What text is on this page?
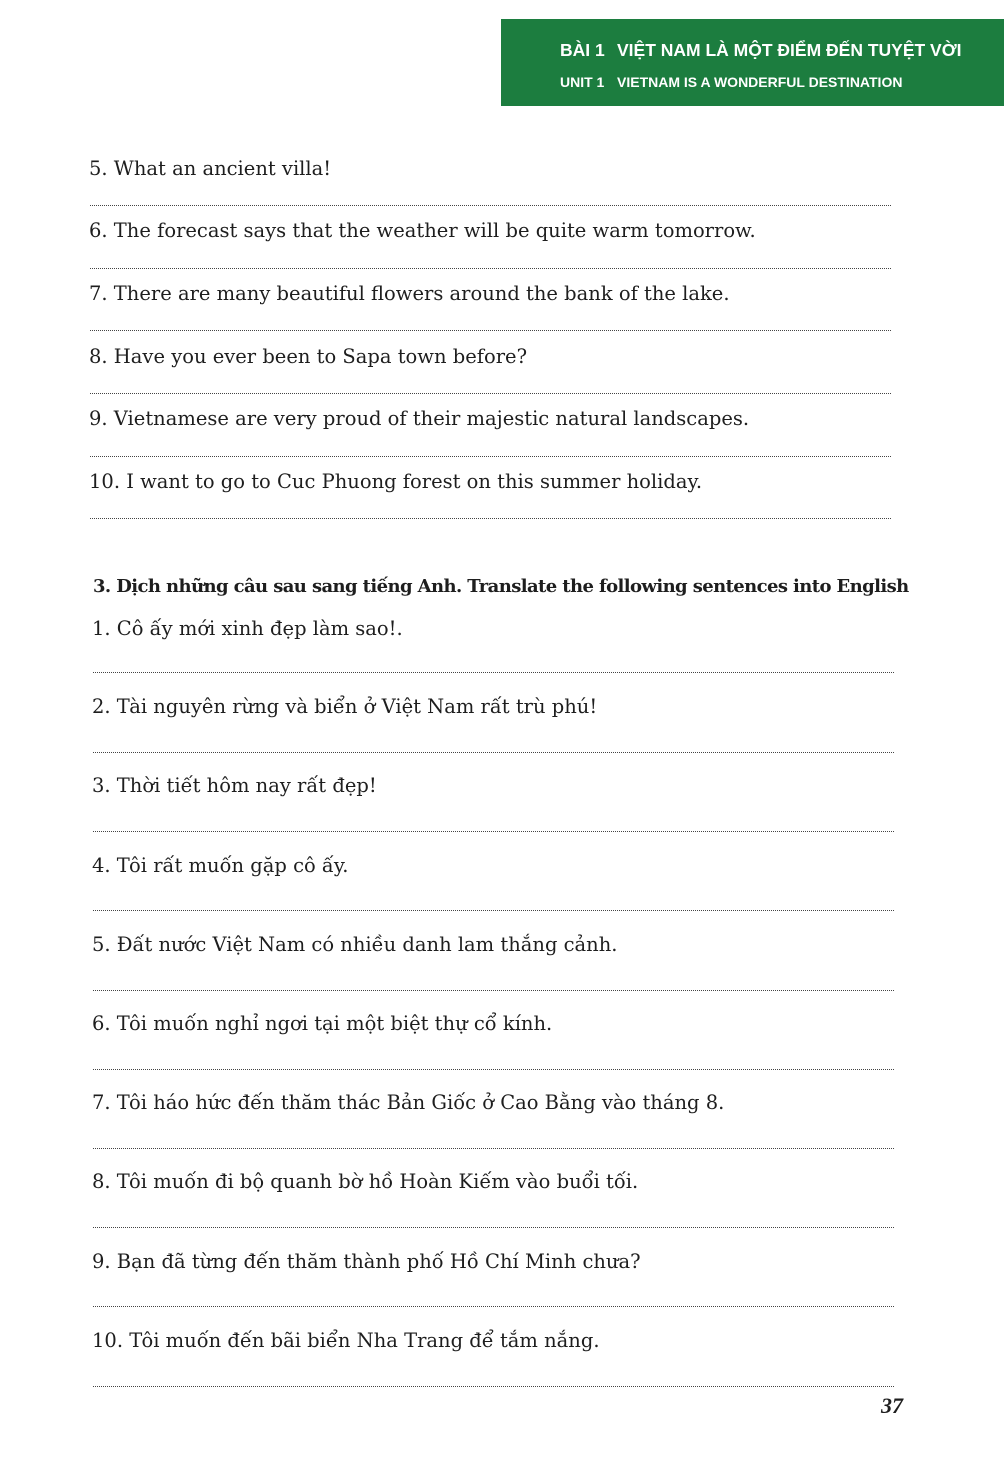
BÀI 1 VIỆT NAM LÀ MỘT ĐIỂM ĐẾN TUYỆT VỜI
UNIT 1 VIETNAM IS A WONDERFUL DESTINATION
5. What an ancient villa!
6. The forecast says that the weather will be quite warm tomorrow.
7. There are many beautiful flowers around the bank of the lake.
8. Have you ever been to Sapa town before?
9. Vietnamese are very proud of their majestic natural landscapes.
10. I want to go to Cuc Phuong forest on this summer holiday.
3. Dịch những câu sau sang tiếng Anh. Translate the following sentences into English
1. Cô ấy mới xinh đẹp làm sao!.
2. Tài nguyên rừng và biển ở Việt Nam rất trù phú!
3. Thời tiết hôm nay rất đẹp!
4. Tôi rất muốn gặp cô ấy.
5. Đất nước Việt Nam có nhiều danh lam thắng cảnh.
6. Tôi muốn nghỉ ngơi tại một biệt thự cổ kính.
7. Tôi háo hức đến thăm thác Bản Giốc ở Cao Bằng vào tháng 8.
8. Tôi muốn đi bộ quanh bờ hồ Hoàn Kiếm vào buổi tối.
9. Bạn đã từng đến thăm thành phố Hồ Chí Minh chưa?
10. Tôi muốn đến bãi biển Nha Trang để tắm nắng.
37
